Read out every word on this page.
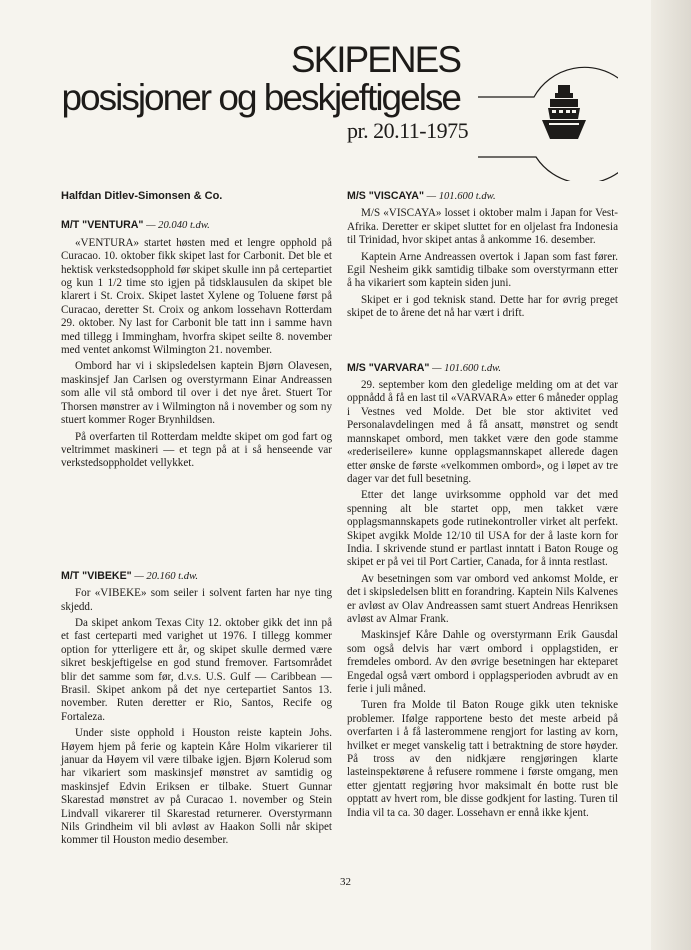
SKIPENES
posisjoner og beskjeftigelse
pr. 20.11-1975
Halfdan Ditlev-Simonsen & Co.
M/T "VENTURA" — 20.040 t.dw.

«VENTURA» startet høsten med et lengre opphold på Curacao. 10. oktober fikk skipet last for Carbonit. Det ble et hektisk verkstedsopphold før skipet skulle inn på certepartiet og kun 1 1/2 time sto igjen på tidsklausulen da skipet ble klarert i St. Croix. Skipet lastet Xylene og Toluene først på Curacao, deretter St. Croix og ankom lossehavn Rotterdam 29. oktober. Ny last for Carbonit ble tatt inn i samme havn med tillegg i Immingham, hvorfra skipet seilte 8. november med ventet ankomst Wilmington 21. november.

Ombord har vi i skipsledelsen kaptein Bjørn Olavesen, maskinsjef Jan Carlsen og overstyrmann Einar Andreassen som alle vil stå ombord til over i det nye året. Stuert Tor Thorsen mønstrer av i Wilmington nå i november og som ny stuert kommer Roger Brynhildsen.

På overfarten til Rotterdam meldte skipet om god fart og veltrimmet maskineri — et tegn på at i så henseende var verkstedsoppholdet vellykket.

M/T "VIBEKE" — 20.160 t.dw.

For «VIBEKE» som seiler i solvent farten har nye ting skjedd.

Da skipet ankom Texas City 12. oktober gikk det inn på et fast certeparti med varighet ut 1976. I tillegg kommer option for ytterligere ett år, og skipet skulle dermed være sikret beskjeftigelse en god stund fremover. Fartsområdet blir det samme som før, d.v.s. U.S. Gulf — Caribbean — Brasil. Skipet ankom på det nye certepartiet Santos 13. november. Ruten deretter er Rio, Santos, Recife og Fortaleza.

Under siste opphold i Houston reiste kaptein Johs. Høyem hjem på ferie og kaptein Kåre Holm vikarierer til januar da Høyem vil være tilbake igjen. Bjørn Kolerud som har vikariert som maskinsjef mønstret av samtidig og maskinsjef Edvin Eriksen er tilbake. Stuert Gunnar Skarestad mønstret av på Curacao 1. november og Stein Lindvall vikarerer til Skarestad returnerer. Overstyrmann Nils Grindheim vil bli avløst av Haakon Solli når skipet kommer til Houston medio desember.

M/S "VISCAYA" — 101.600 t.dw.

M/S «VISCAYA» losset i oktober malm i Japan for Vest-Afrika. Deretter er skipet sluttet for en oljelast fra Indonesia til Trinidad, hvor skipet antas å ankomme 16. desember.

Kaptein Arne Andreassen overtok i Japan som fast fører. Egil Nesheim gikk samtidig tilbake som overstyrmann etter å ha vikariert som kaptein siden juni.

Skipet er i god teknisk stand. Dette har for øvrig preget skipet de to årene det nå har vært i drift.

M/S "VARVARA" — 101.600 t.dw.

29. september kom den gledelige melding om at det var oppnådd å få en last til «VARVARA» etter 6 måneder opplag i Vestnes ved Molde. Det ble stor aktivitet ved Personalavdelingen med å få ansatt, mønstret og sendt mannskapet ombord, men takket være den gode stamme «rederiseilere» kunne opplagsmannskapet allerede dagen etter ønske de første «velkommen ombord», og i løpet av tre dager var det full besetning.

Etter det lange uvirksomme opphold var det med spenning alt ble startet opp, men takket være opplagsmannskapets gode rutinekontroller virket alt perfekt. Skipet avgikk Molde 12/10 til USA for der å laste korn for India. I skrivende stund er partlast inntatt i Baton Rouge og skipet er på vei til Port Cartier, Canada, for å innta restlast.

Av besetningen som var ombord ved ankomst Molde, er det i skipsledelsen blitt en forandring. Kaptein Nils Kalvenes er avløst av Olav Andreassen samt stuert Andreas Henriksen avløst av Almar Frank.

Maskinsjef Kåre Dahle og overstyrmann Erik Gausdal som også delvis har vært ombord i opplagstiden, er fremdeles ombord. Av den øvrige besetningen har ekteparet Engedal også vært ombord i opplagsperioden avbrudt av en ferie i juli måned.

Turen fra Molde til Baton Rouge gikk uten tekniske problemer. Ifølge rapportene besto det meste arbeid på overfarten i å få lasterommene rengjort for lasting av korn, hvilket er meget vanskelig tatt i betraktning de store høyder. På tross av den nidkjære rengjøringen klarte lasteinspektørene å refusere rommene i første omgang, men etter gjentatt regjøring hvor maksimalt én botte rust ble opptatt av hvert rom, ble disse godkjent for lasting. Turen til India vil ta ca. 30 dager. Lossehavn er ennå ikke kjent.

32
